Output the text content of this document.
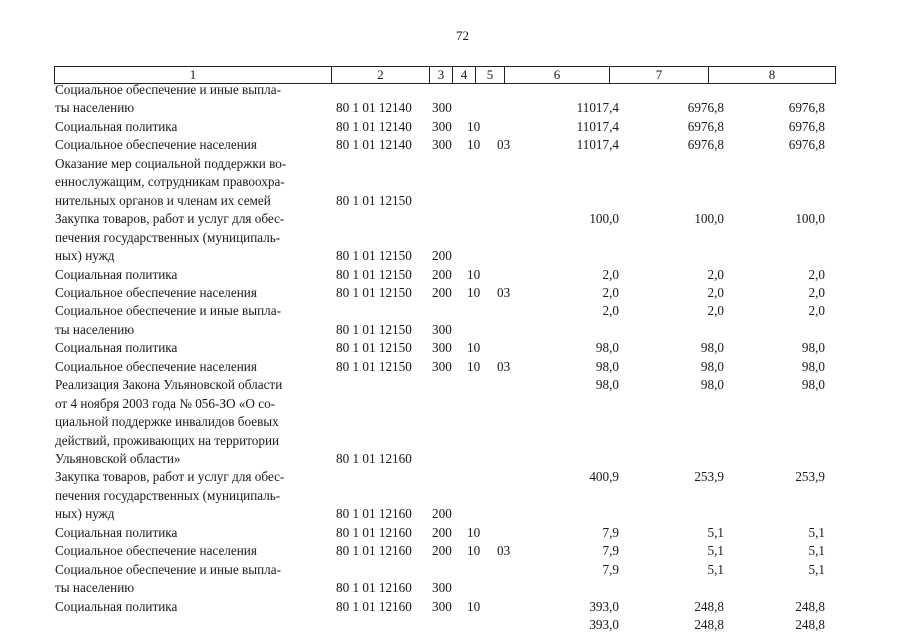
72
1	2	3	4	5	6	7	8
Социальное обеспечение и иные выпла-
ты населению	80 1 01 12140 300	11017,4	6976,8	6976,8
Социальная политика	80 1 01 12140 300 10	11017,4	6976,8	6976,8
Социальное обеспечение населения	80 1 01 12140 300 10 03	11017,4	6976,8	6976,8
Оказание мер социальной поддержки во-
еннослужащим, сотрудникам правоохра-
нительных органов и членам их семей	80 1 01 12150
Закупка товаров, работ и услуг для обес-	100,0	100,0	100,0
печения государственных (муниципаль-
ных) нужд	80 1 01 12150 200
Социальная политика	80 1 01 12150 200 10	2,0	2,0	2,0
Социальное обеспечение населения	80 1 01 12150 200 10 03	2,0	2,0	2,0
Социальное обеспечение и иные выпла-	2,0	2,0	2,0
ты населению	80 1 01 12150 300
Социальная политика	80 1 01 12150 300 10	98,0	98,0	98,0
Социальное обеспечение населения	80 1 01 12150 300 10 03	98,0	98,0	98,0
Реализация Закона Ульяновской области	98,0	98,0	98,0
от 4 ноября 2003 года № 056-ЗО «О со-
циальной поддержке инвалидов боевых
действий, проживающих на территории
Ульяновской области»	80 1 01 12160
Закупка товаров, работ и услуг для обес-	400,9	253,9	253,9
печения государственных (муниципаль-
ных) нужд	80 1 01 12160 200
Социальная политика	80 1 01 12160 200 10	7,9	5,1	5,1
Социальное обеспечение населения	80 1 01 12160 200 10 03	7,9	5,1	5,1
Социальное обеспечение и иные выпла-	7,9	5,1	5,1
ты населению	80 1 01 12160 300
Социальная политика	80 1 01 12160 300 10	393,0	248,8	248,8
393,0	248,8	248,8
